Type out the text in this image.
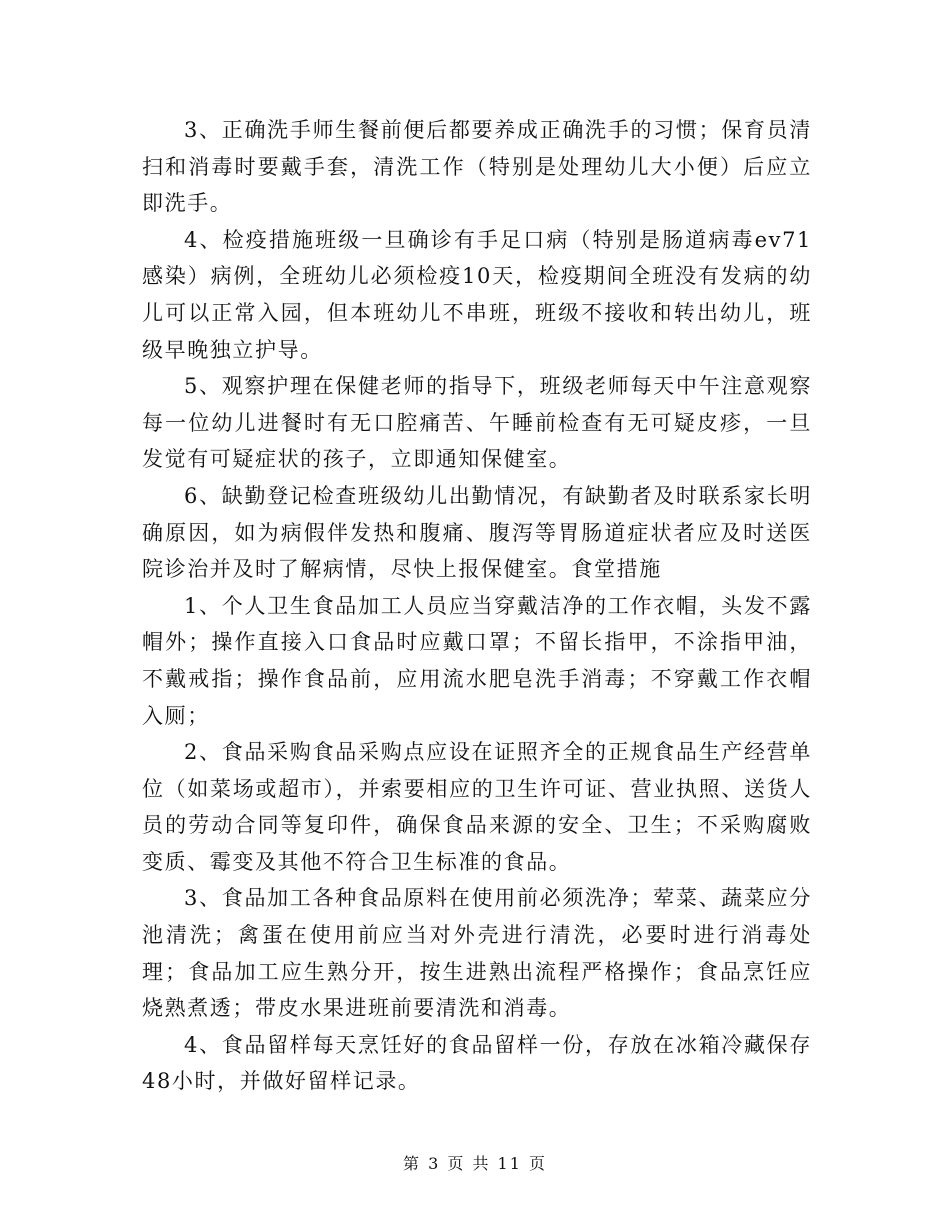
3、正确洗手师生餐前便后都要养成正确洗手的习惯；保育员清扫和消毒时要戴手套，清洗工作（特别是处理幼儿大小便）后应立即洗手。

4、检疫措施班级一旦确诊有手足口病（特别是肠道病毒ev71感染）病例，全班幼儿必须检疫10天，检疫期间全班没有发病的幼儿可以正常入园，但本班幼儿不串班，班级不接收和转出幼儿，班级早晚独立护导。

5、观察护理在保健老师的指导下，班级老师每天中午注意观察每一位幼儿进餐时有无口腔痛苦、午睡前检查有无可疑皮疹，一旦发觉有可疑症状的孩子，立即通知保健室。

6、缺勤登记检查班级幼儿出勤情况，有缺勤者及时联系家长明确原因，如为病假伴发热和腹痛、腹泻等胃肠道症状者应及时送医院诊治并及时了解病情，尽快上报保健室。食堂措施

1、个人卫生食品加工人员应当穿戴洁净的工作衣帽，头发不露帽外；操作直接入口食品时应戴口罩；不留长指甲，不涂指甲油，不戴戒指；操作食品前，应用流水肥皂洗手消毒；不穿戴工作衣帽入厕；

2、食品采购食品采购点应设在证照齐全的正规食品生产经营单位（如菜场或超市），并索要相应的卫生许可证、营业执照、送货人员的劳动合同等复印件，确保食品来源的安全、卫生；不采购腐败变质、霉变及其他不符合卫生标准的食品。

3、食品加工各种食品原料在使用前必须洗净；荤菜、蔬菜应分池清洗；禽蛋在使用前应当对外壳进行清洗，必要时进行消毒处理；食品加工应生熟分开，按生进熟出流程严格操作；食品烹饪应烧熟煮透；带皮水果进班前要清洗和消毒。

4、食品留样每天烹饪好的食品留样一份，存放在冰箱冷藏保存48小时，并做好留样记录。

第 3 页 共 11 页
